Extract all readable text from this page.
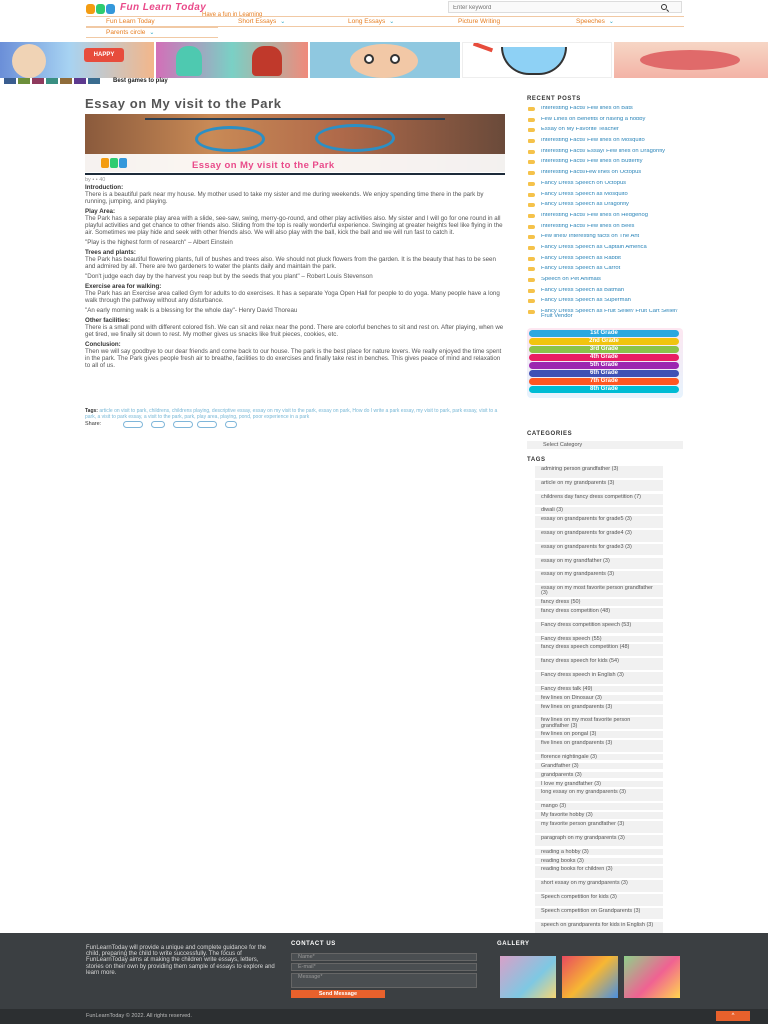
Fun Learn Today
Have a fun in Learning
Enter keyword
Fun Learn Today	Short Essays ⌄	Long Essays ⌄	Picture Writing	Speeches ⌄
Parents circle ⌄
HAPPY
Best games to play
Essay on My visit to the Park
Essay on My visit to the Park
by • • 40
Introduction:

There is a beautiful park near my house. My mother used to take my sister and me during weekends. We enjoy spending time there in the park by running, jumping, and playing.

Play Area:

The Park has a separate play area with a slide, see-saw, swing, merry-go-round, and other play activities also. My sister and I will go for one round in all playful activities and get chance to other friends also. Sliding from the top is really wonderful experience. Swinging at greater heights feel like flying in the air. Sometimes we play hide and seek with other friends also. We will also play with the ball, kick the ball and we will run fast to catch it.

"Play is the highest form of research" – Albert Einstein

Trees and plants:

The Park has beautiful flowering plants, full of bushes and trees also. We should not pluck flowers from the garden. It is the beauty that has to be seen and admired by all. There are two gardeners to water the plants daily and maintain the park.

"Don't judge each day by the harvest you reap but by the seeds that you plant" – Robert Louis Stevenson

Exercise area for walking:

The Park has an Exercise area called Gym for adults to do exercises. It has a separate Yoga Open Hall for people to do yoga. Many people have a long walk through the pathway without any disturbance.

"An early morning walk is a blessing for the whole day"- Henry David Thoreau

Other facilities:

There is a small pond with different colored fish. We can sit and relax near the pond. There are colorful benches to sit and rest on. After playing, when we get tired, we finally sit down to rest. My mother gives us snacks like fruit pieces, cookies, etc.

Conclusion:

Then we will say goodbye to our dear friends and come back to our house. The park is the best place for nature lovers. We really enjoyed the time spent in the park. The Park gives people fresh air to breathe, facilities to do exercises and finally take rest in benches. This gives peace of mind and relaxation to all of us.

Tags: article on visit to park, childrens, childrens playing, descriptive essay, essay on my visit to the park, essay on park, How do I write a park essay, my visit to park, park essay, visit to a park, a visit to park essay, a visit to the park, park, play area, playing, pond, poor experience in a park
Share:
RECENT POSTS
Interesting Facts/ Few lines on Bats
Few Lines on Benefits of having a hobby
Essay on My Favorite Teacher
Interesting Facts/ Few lines on Mosquito
Interesting Facts/ Essay/ Few lines on Dragonfly
Interesting Facts/ Few lines on Butterfly
Interesting Facts/Few lines on Octopus
Fancy Dress Speech on Octopus
Fancy Dress Speech as Mosquito
Fancy Dress Speech as Dragonfly
Interesting Facts/ Few lines on Hedgehog
Interesting Facts/ Few lines on Bees
Few lines/ Interesting facts on The Ant
Fancy Dress Speech as Captain America
Fancy Dress Speech as Rabbit
Fancy Dress Speech as Carrot
Speech on Pet Animals
Fancy Dress Speech as Batman
Fancy Dress Speech as Superman
Fancy Dress Speech as Fruit Seller/ Fruit Cart Seller/ Fruit Vendor
1st Grade
2nd Grade
3rd Grade
4th Grade
5th Grade
6th Grade
7th Grade
8th Grade
CATEGORIES
Select Category
TAGS
admiring person grandfather (3)
article on my grandparents (3)
childrens day fancy dress competition (7)
diwali (3)
essay on grandparents for grade5 (3)
essay on grandparents for grade4 (3)
essay on grandparents for grade3 (3)
essay on my grandfather (3)
essay on my grandparents (3)
essay on my most favorite person grandfather (3)
fancy dress (50)
fancy dress competition (48)
Fancy dress competition speech (53)
Fancy dress speech (55)
fancy dress speech competition (48)
fancy dress speech for kids (54)
Fancy dress speech in English (3)
Fancy dress talk (49)
few lines on Dinosaur (3)
few lines on grandparents (3)
few lines on my most favorite person grandfather (3)
few lines on pongal (3)
five lines on grandparents (3)
florence nightingale (3)
Grandfather (3)
grandparents (3)
I love my grandfather (3)
long essay on my grandparents (3)
mango (3)
My favorite hobby (3)
my favorite person grandfather (3)
paragraph on my grandparents (3)
reading a hobby (3)
reading books (3)
reading books for children (3)
short essay on my grandparents (3)
Speech competition for kids (3)
Speech competition on Grandparents (3)
speech on grandparents for kids in English (3)
FunLearnToday will provide a unique and complete guidance for the child, preparing the child to write successfully. The focus of FunLearnToday aims at making the children write essays, letters, stories on their own by providing them sample of essays to explore and learn more.
CONTACT US
Name*
E-mail*
Message*
Send Message
GALLERY
FunLearnToday © 2022. All rights reserved.	^
